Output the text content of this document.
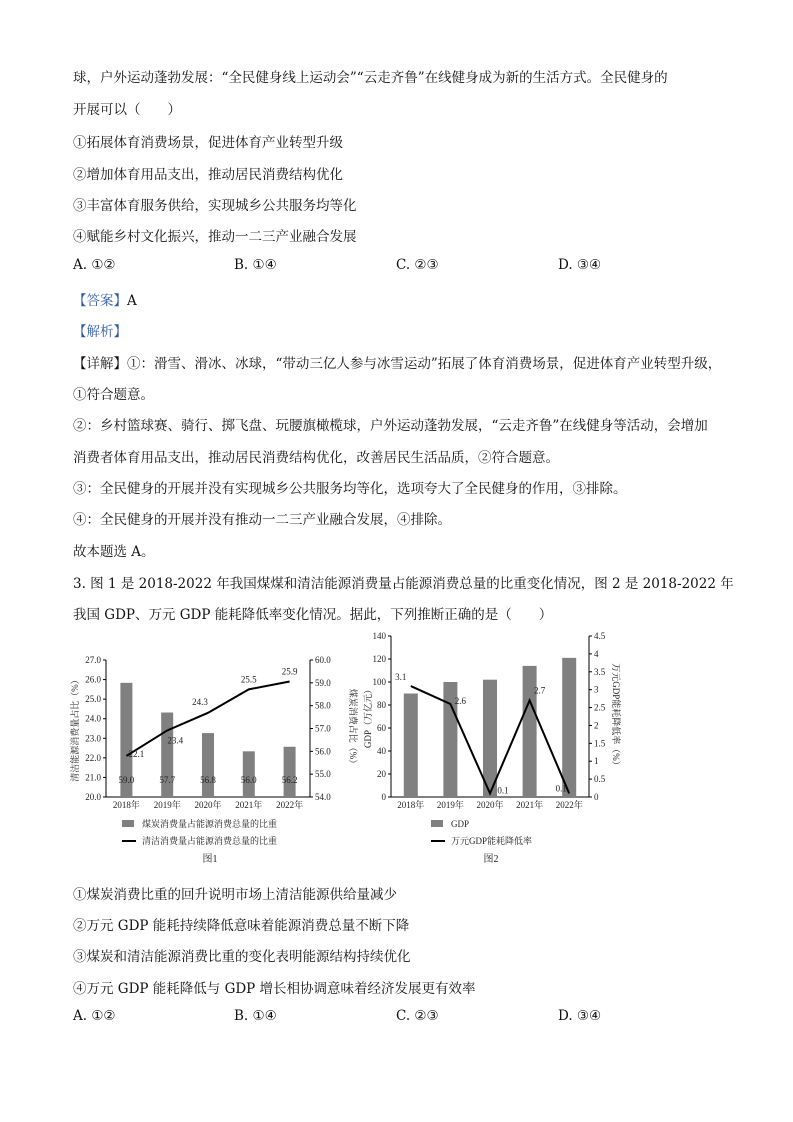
球，户外运动蓬勃发展：“全民健身线上运动会”“云走齐鲁”在线健身成为新的生活方式。全民健身的
开展可以（　　）
①拓展体育消费场景，促进体育产业转型升级
②增加体育用品支出，推动居民消费结构优化
③丰富体育服务供给，实现城乡公共服务均等化
④赋能乡村文化振兴，推动一二三产业融合发展
A. ①②	B. ①④	C. ②③	D. ③④
【答案】A
【解析】
【详解】①：滑雪、滑冰、冰球，“带动三亿人参与冰雪运动”拓展了体育消费场景，促进体育产业转型升级，
①符合题意。
②：乡村篮球赛、骑行、掷飞盘、玩腰旗橄榄球，户外运动蓬勃发展，“云走齐鲁”在线健身等活动，会增加
消费者体育用品支出，推动居民消费结构优化，改善居民生活品质，②符合题意。
③：全民健身的开展并没有实现城乡公共服务均等化，选项夸大了全民健身的作用，③排除。
④：全民健身的开展并没有推动一二三产业融合发展，④排除。
故本题选 A。
3. 图 1 是 2018-2022 年我国煤煤和清洁能源消费量占能源消费总量的比重变化情况，图 2 是 2018-2022 年
我国 GDP、万元 GDP 能耗降低率变化情况。据此，下列推断正确的是（　　）
20.0
21.0
22.0
23.0
24.0
25.0
26.0
27.0
54.0
55.0
56.0
57.0
58.0
59.0
60.0
清洁能源消费量占比（%）	煤炭消费占比（%）
59.0	57.7	56.8	56.0	56.2
22.1
23.4
24.3
25.5
25.9
2018年 2019年 2020年 2021年 2022年
煤炭消费量占能源消费总量的比重
清洁消费量占能源消费总量的比重
图1
0
20
40
60
80
100
120
140
0
0.5
1
1.5
2
2.5
3
3.5
4
4.5
GDP（万亿元）	万元GDP能耗降低率（%）
3.1
2.6
0.1
2.7
0.1
2018年 2019年 2020年 2021年 2022年
GDP
万元GDP能耗降低率
图2
①煤炭消费比重的回升说明市场上清洁能源供给量减少
②万元 GDP 能耗持续降低意味着能源消费总量不断下降
③煤炭和清洁能源消费比重的变化表明能源结构持续优化
④万元 GDP 能耗降低与 GDP 增长相协调意味着经济发展更有效率
A. ①②	B. ①④	C. ②③	D. ③④
